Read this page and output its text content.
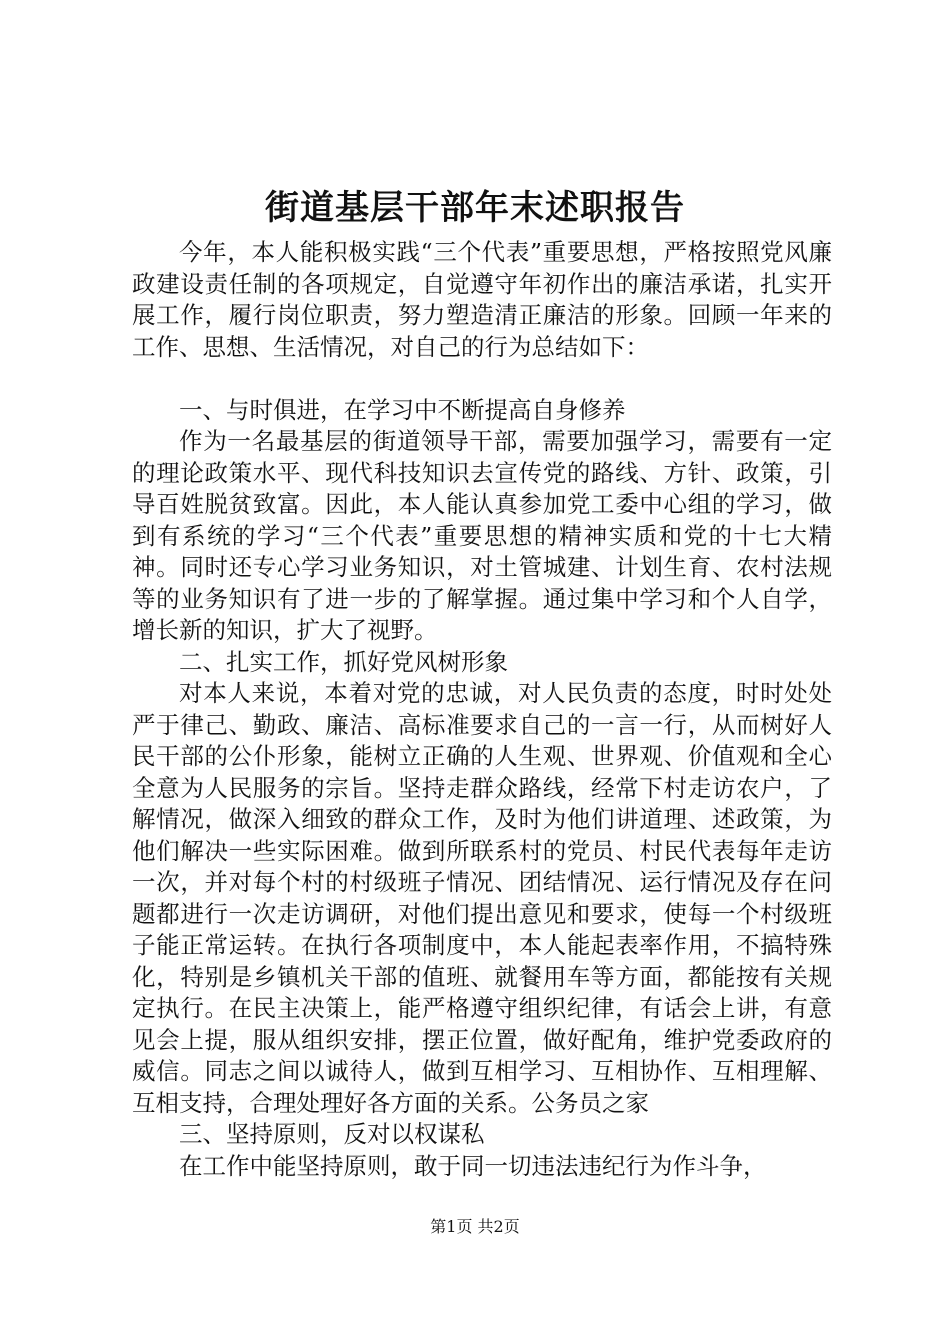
街道基层干部年末述职报告

今年，本人能积极实践“三个代表”重要思想，严格按照党风廉政建设责任制的各项规定，自觉遵守年初作出的廉洁承诺，扎实开展工作，履行岗位职责，努力塑造清正廉洁的形象。回顾一年来的工作、思想、生活情况，对自己的行为总结如下：

一、与时俱进，在学习中不断提高自身修养

作为一名最基层的街道领导干部，需要加强学习，需要有一定的理论政策水平、现代科技知识去宣传党的路线、方针、政策，引导百姓脱贫致富。因此，本人能认真参加党工委中心组的学习，做到有系统的学习“三个代表”重要思想的精神实质和党的十七大精神。同时还专心学习业务知识，对土管城建、计划生育、农村法规等的业务知识有了进一步的了解掌握。通过集中学习和个人自学，增长新的知识，扩大了视野。

二、扎实工作，抓好党风树形象

对本人来说，本着对党的忠诚，对人民负责的态度，时时处处严于律己、勤政、廉洁、高标准要求自己的一言一行，从而树好人民干部的公仆形象，能树立正确的人生观、世界观、价值观和全心全意为人民服务的宗旨。坚持走群众路线，经常下村走访农户，了解情况，做深入细致的群众工作，及时为他们讲道理、述政策，为他们解决一些实际困难。做到所联系村的党员、村民代表每年走访一次，并对每个村的村级班子情况、团结情况、运行情况及存在问题都进行一次走访调研，对他们提出意见和要求，使每一个村级班子能正常运转。在执行各项制度中，本人能起表率作用，不搞特殊化，特别是乡镇机关干部的值班、就餐用车等方面，都能按有关规定执行。在民主决策上，能严格遵守组织纪律，有话会上讲，有意见会上提，服从组织安排，摆正位置，做好配角，维护党委政府的威信。同志之间以诚待人，做到互相学习、互相协作、互相理解、互相支持，合理处理好各方面的关系。公务员之家

三、坚持原则，反对以权谋私

在工作中能坚持原则，敢于同一切违法违纪行为作斗争，

第1页 共2页
